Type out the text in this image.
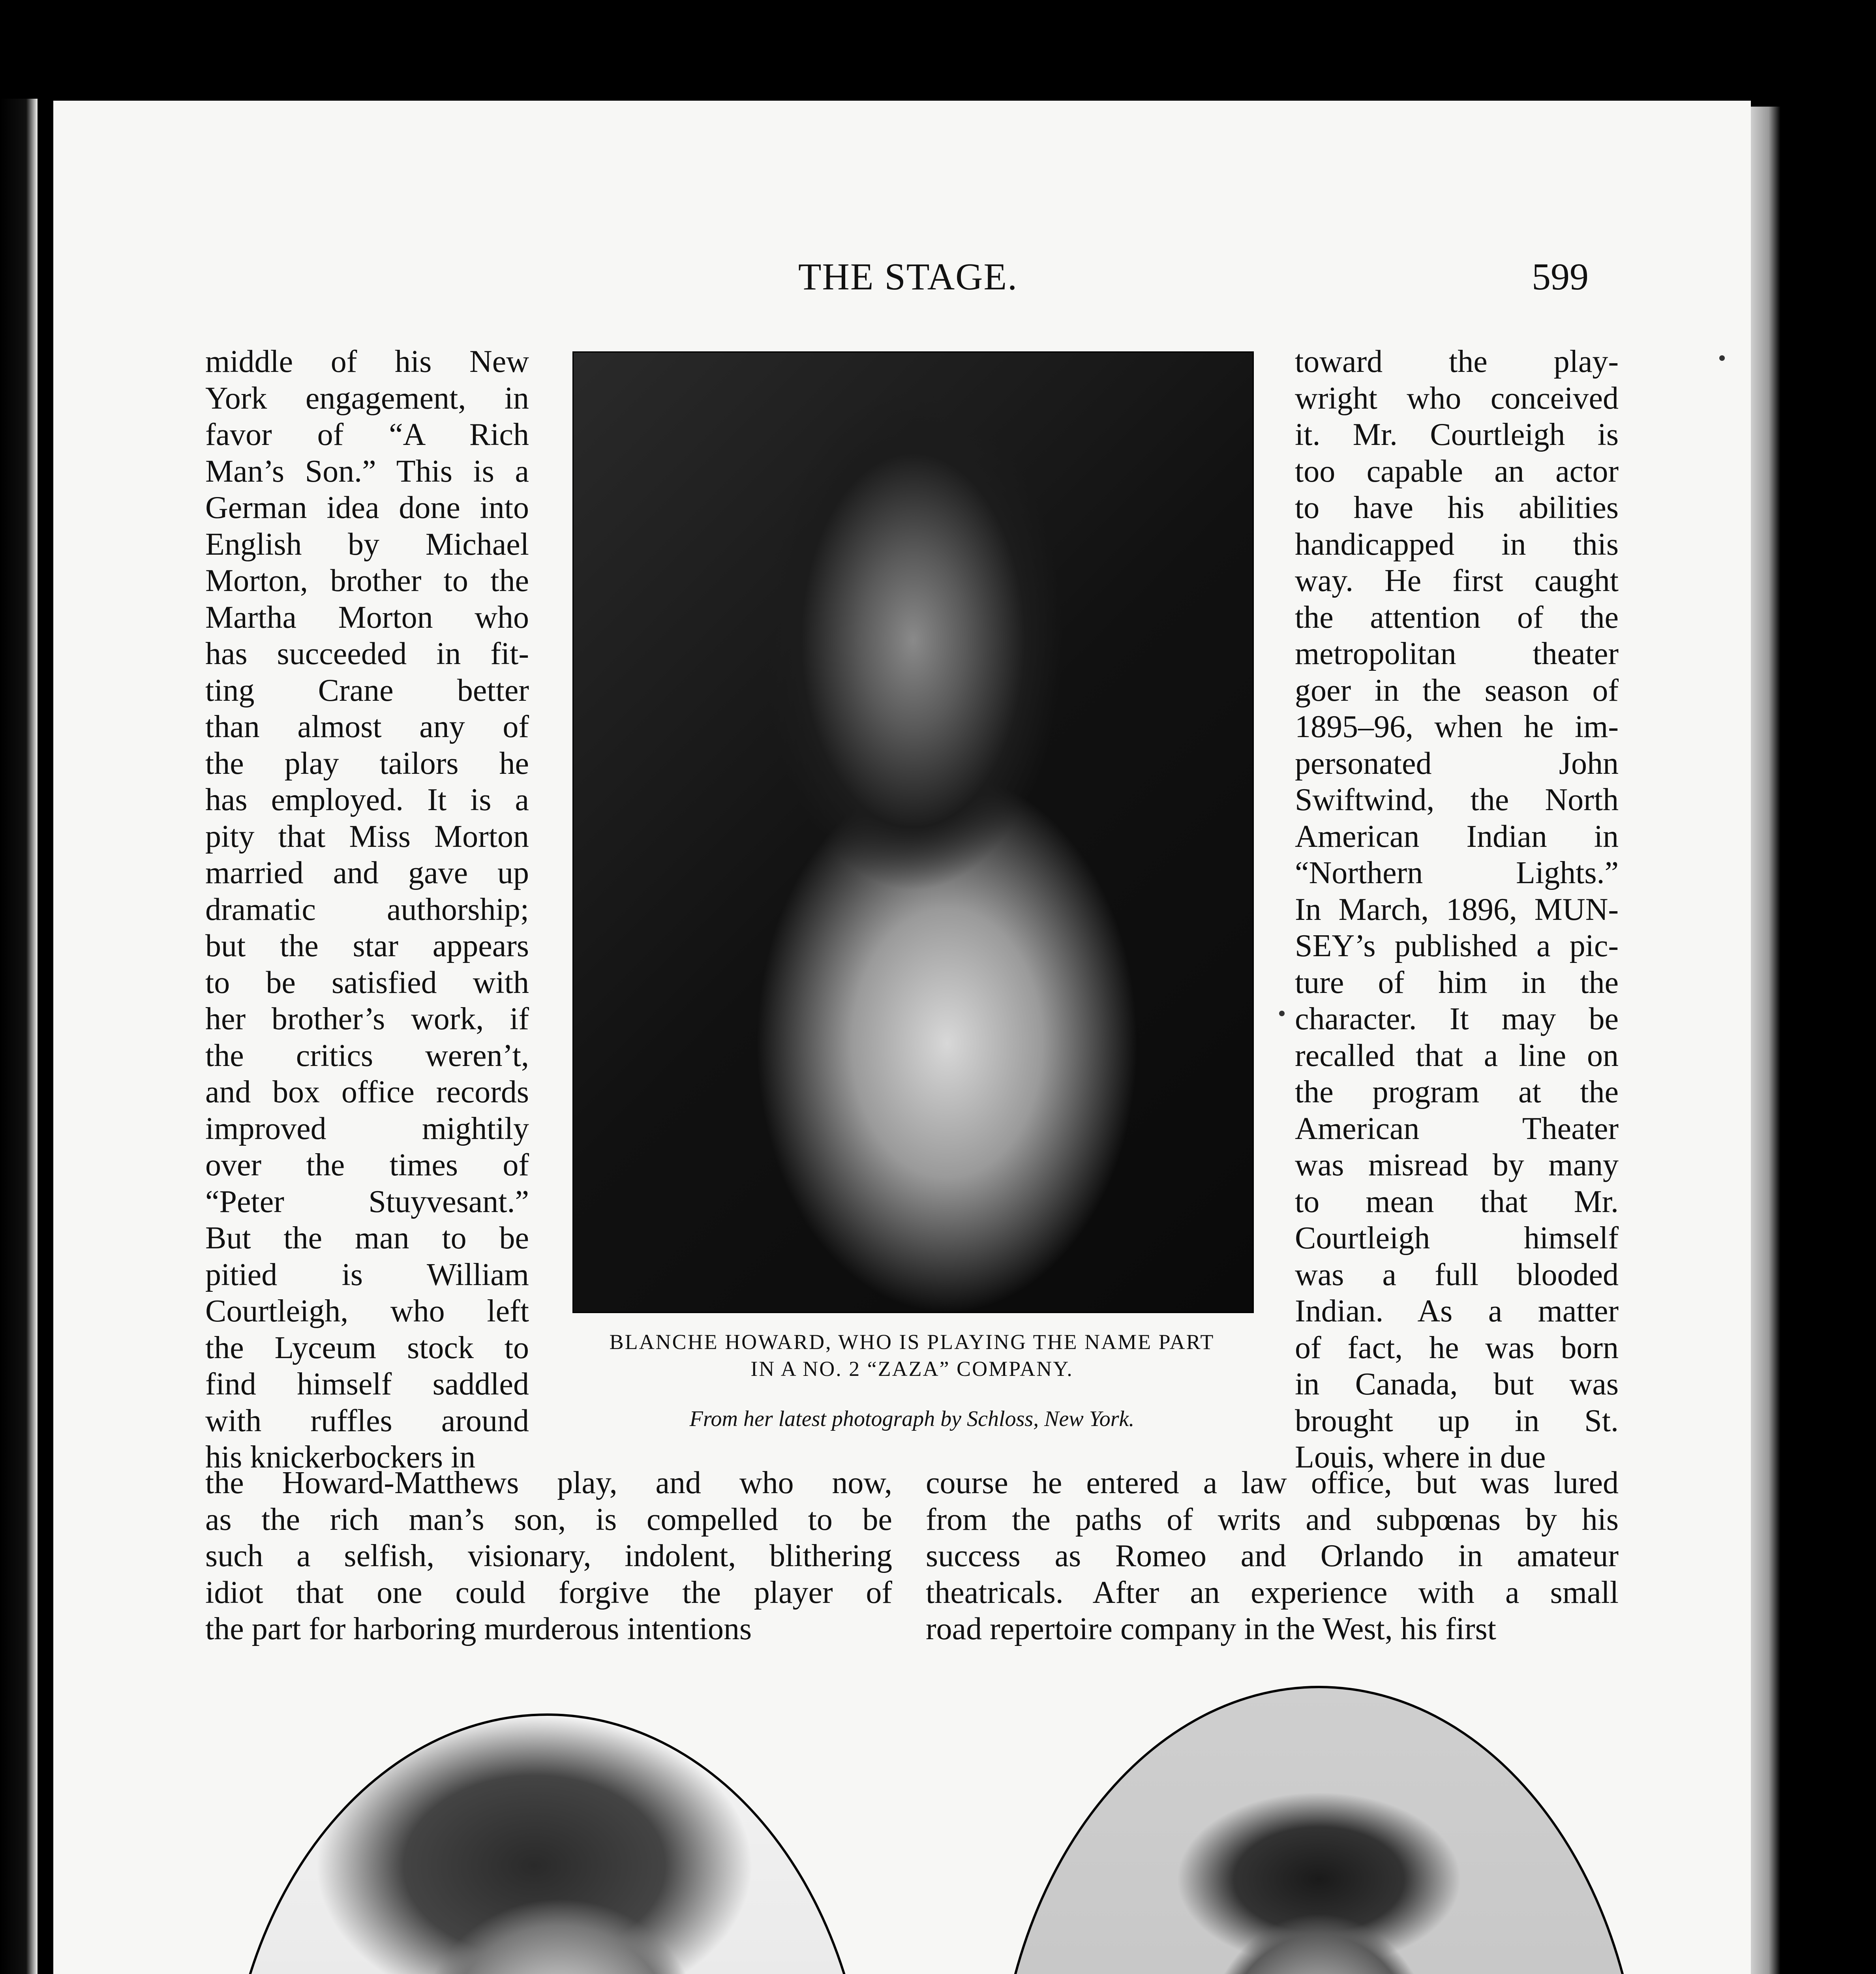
THE STAGE.	599
middle of his New
York engagement, in
favor of “A Rich
Man’s Son.” This is a
German idea done into
English by Michael
Morton, brother to the
Martha Morton who
has succeeded in fit-
ting Crane better
than almost any of
the play tailors he
has employed. It is a
pity that Miss Morton
married and gave up
dramatic authorship;
but the star appears
to be satisfied with
her brother’s work, if
the critics weren’t,
and box office records
improved mightily
over the times of
“Peter Stuyvesant.”
But the man to be
pitied is William
Courtleigh, who left
the Lyceum stock to
find himself saddled
with ruffles around
his knickerbockers in
BLANCHE HOWARD, WHO IS PLAYING THE NAME PART
IN A NO. 2 “ZAZA” COMPANY.
From her latest photograph by Schloss, New York.
toward the play-
wright who conceived
it. Mr. Courtleigh is
too capable an actor
to have his abilities
handicapped in this
way. He first caught
the attention of the
metropolitan theater
goer in the season of
1895–96, when he im-
personated John
Swiftwind, the North
American Indian in
“Northern Lights.”
In March, 1896, MUN-
SEY’s published a pic-
ture of him in the
character. It may be
recalled that a line on
the program at the
American Theater
was misread by many
to mean that Mr.
Courtleigh himself
was a full blooded
Indian. As a matter
of fact, he was born
in Canada, but was
brought up in St.
Louis, where in due
the Howard-Matthews play, and who now,
as the rich man’s son, is compelled to be
such a selfish, visionary, indolent, blithering
idiot that one could forgive the player of
the part for harboring murderous intentions
course he entered a law office, but was lured
from the paths of writs and subpœnas by his
success as Romeo and Orlando in amateur
theatricals. After an experience with a small
road repertoire company in the West, his first
